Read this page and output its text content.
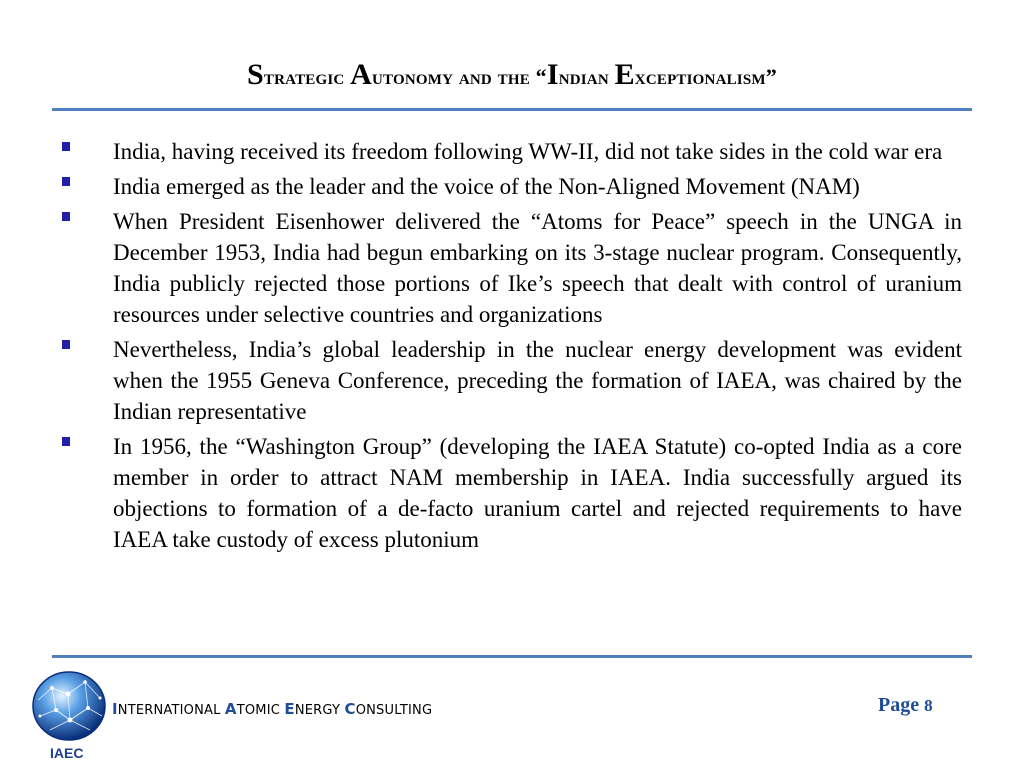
Strategic Autonomy and the “Indian Exceptionalism”
India, having received its freedom following WW-II, did not take sides in the cold war era
India emerged as the leader and the voice of the Non-Aligned Movement (NAM)
When President Eisenhower delivered the “Atoms for Peace” speech in the UNGA in December 1953, India had begun embarking on its 3-stage nuclear program. Consequently, India publicly rejected those portions of Ike’s speech that dealt with control of uranium resources under selective countries and organizations
Nevertheless, India’s global leadership in the nuclear energy development was evident when the 1955 Geneva Conference, preceding the formation of IAEA, was chaired by the Indian representative
In 1956, the “Washington Group” (developing the IAEA Statute) co-opted India as a core member in order to attract NAM membership in IAEA. India successfully argued its objections to formation of a de-facto uranium cartel and rejected requirements to have IAEA take custody of excess plutonium
IAEC
INTERNATIONAL ATOMIC ENERGY CONSULTING	Page 8
